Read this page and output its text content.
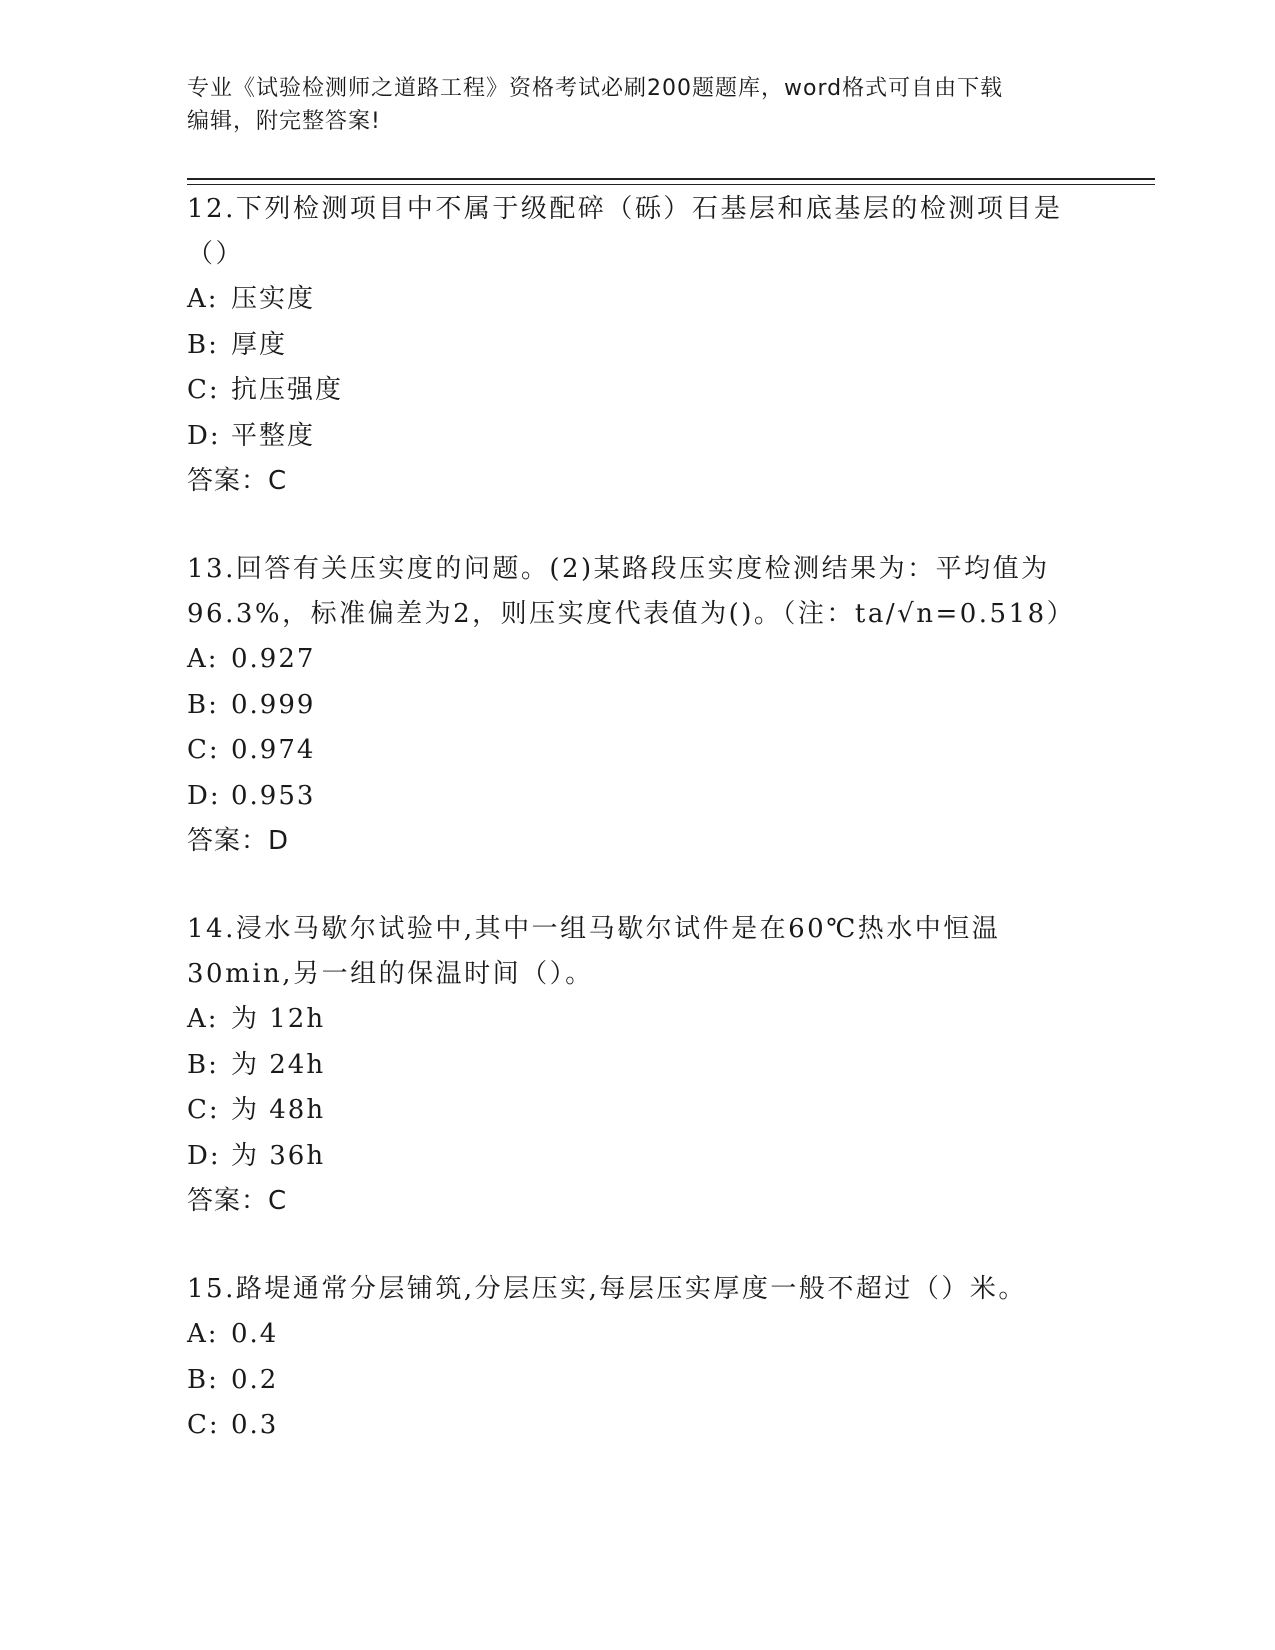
专业《试验检测师之道路工程》资格考试必刷200题题库，word格式可自由下载
编辑，附完整答案!
12.下列检测项目中不属于级配碎（砾）石基层和底基层的检测项目是
（）
A: 压实度
B: 厚度
C: 抗压强度
D: 平整度
答案：C
13.回答有关压实度的问题。(2)某路段压实度检测结果为：平均值为
96.3%，标准偏差为2，则压实度代表值为()。（注：ta/√n=0.518）
A: 0.927
B: 0.999
C: 0.974
D: 0.953
答案：D
14.浸水马歇尔试验中,其中一组马歇尔试件是在60℃热水中恒温
30min,另一组的保温时间（）。
A: 为 12h
B: 为 24h
C: 为 48h
D: 为 36h
答案：C
15.路堤通常分层铺筑,分层压实,每层压实厚度一般不超过（）米。
A: 0.4
B: 0.2
C: 0.3
